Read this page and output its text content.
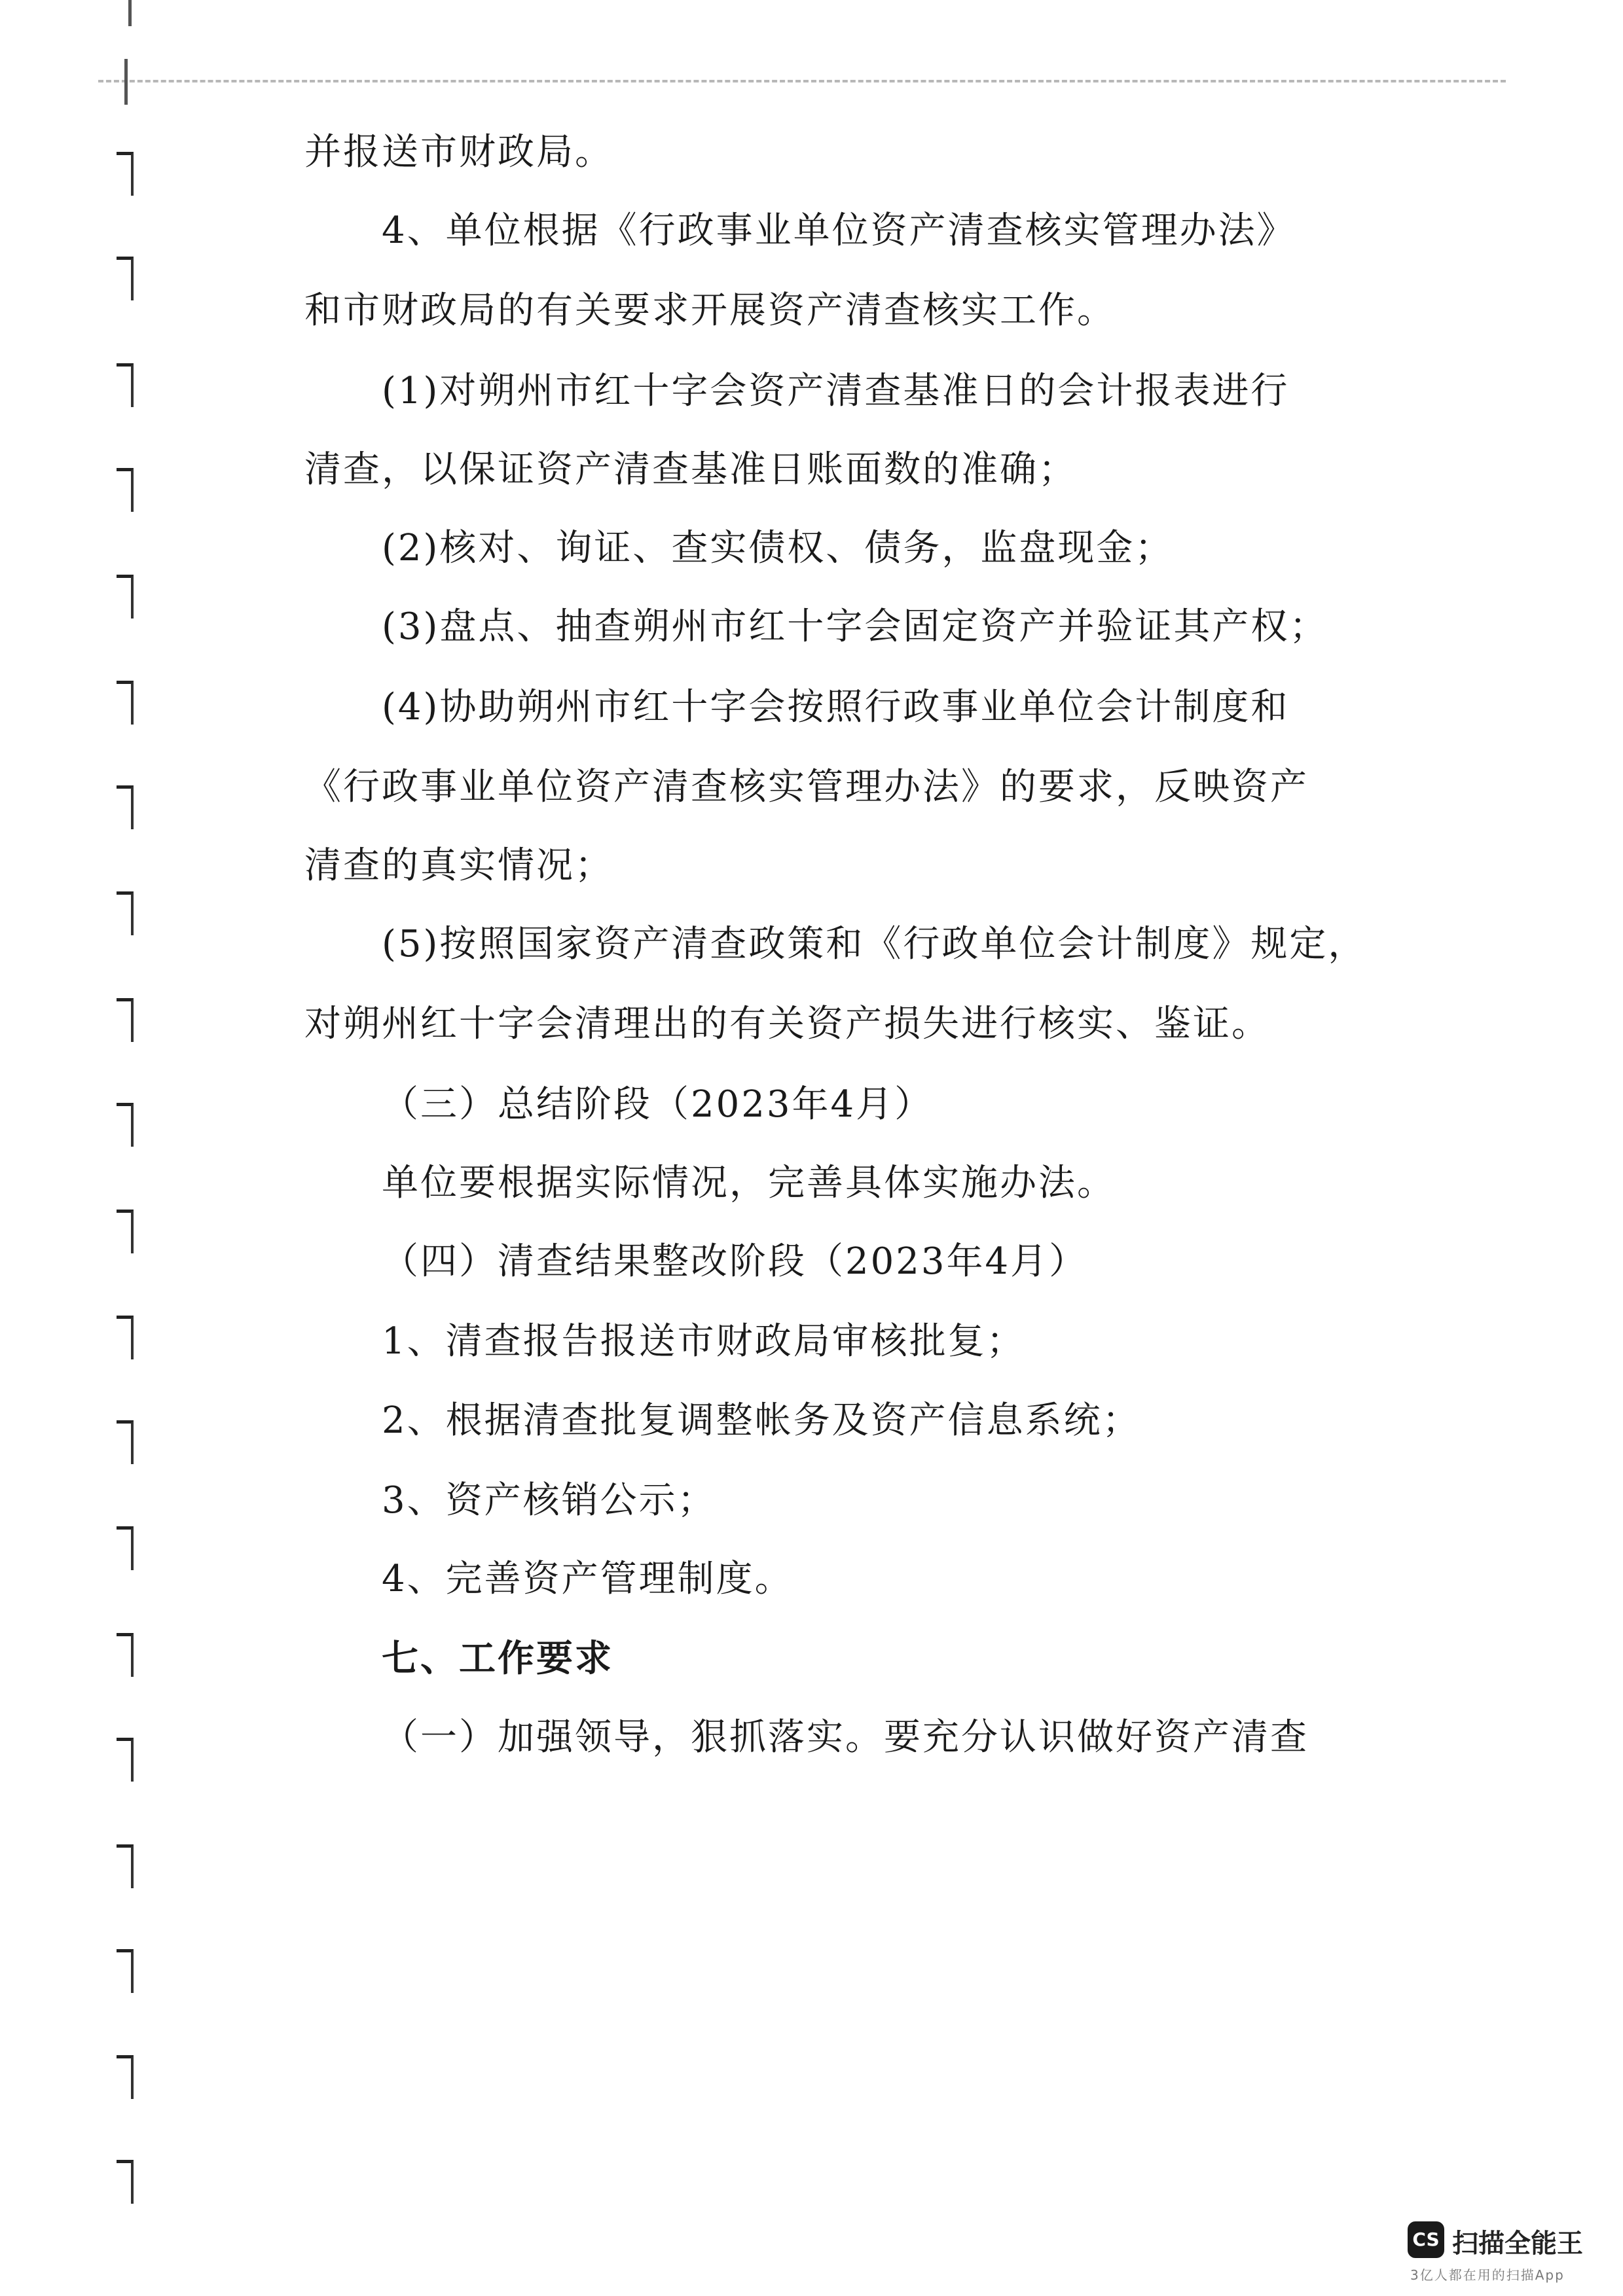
并报送市财政局。
4、单位根据《行政事业单位资产清查核实管理办法》
和市财政局的有关要求开展资产清查核实工作。
(1)对朔州市红十字会资产清查基准日的会计报表进行
清查，以保证资产清查基准日账面数的准确；
(2)核对、询证、查实债权、债务，监盘现金；
(3)盘点、抽查朔州市红十字会固定资产并验证其产权；
(4)协助朔州市红十字会按照行政事业单位会计制度和
《行政事业单位资产清查核实管理办法》的要求，反映资产
清查的真实情况；
(5)按照国家资产清查政策和《行政单位会计制度》规定，
对朔州红十字会清理出的有关资产损失进行核实、鉴证。
（三）总结阶段（2023年4月）
单位要根据实际情况，完善具体实施办法。
（四）清查结果整改阶段（2023年4月）
1、清查报告报送市财政局审核批复；
2、根据清查批复调整帐务及资产信息系统；
3、资产核销公示；
4、完善资产管理制度。
七、工作要求
（一）加强领导，狠抓落实。要充分认识做好资产清查
CS 扫描全能王
3亿人都在用的扫描App
